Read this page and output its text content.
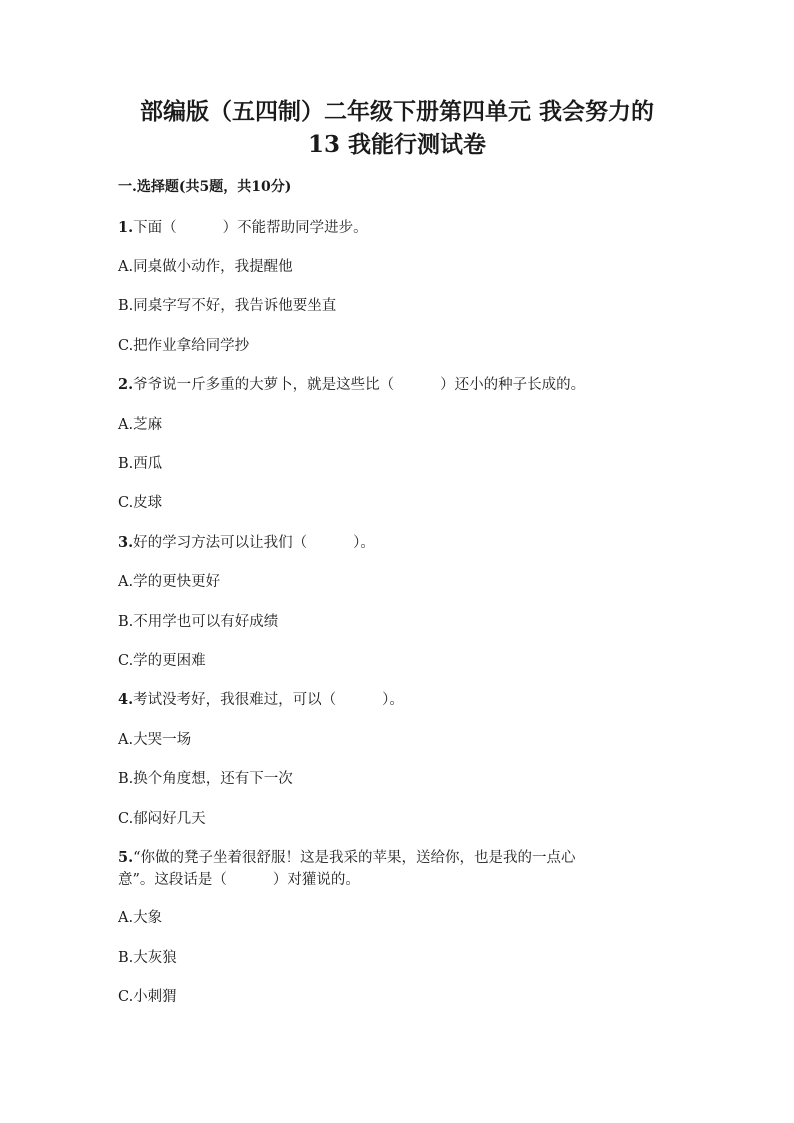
部编版（五四制）二年级下册第四单元 我会努力的
13 我能行测试卷
一.选择题(共5题，共10分)
1.下面（	）不能帮助同学进步。
A.同桌做小动作，我提醒他
B.同桌字写不好，我告诉他要坐直
C.把作业拿给同学抄
2.爷爷说一斤多重的大萝卜，就是这些比（	）还小的种子长成的。
A.芝麻
B.西瓜
C.皮球
3.好的学习方法可以让我们（	）。
A.学的更快更好
B.不用学也可以有好成绩
C.学的更困难
4.考试没考好，我很难过，可以（	）。
A.大哭一场
B.换个角度想，还有下一次
C.郁闷好几天
5.“你做的凳子坐着很舒服！这是我采的苹果，送给你，也是我的一点心
意”。这段话是（	）对獾说的。
A.大象
B.大灰狼
C.小刺猬
